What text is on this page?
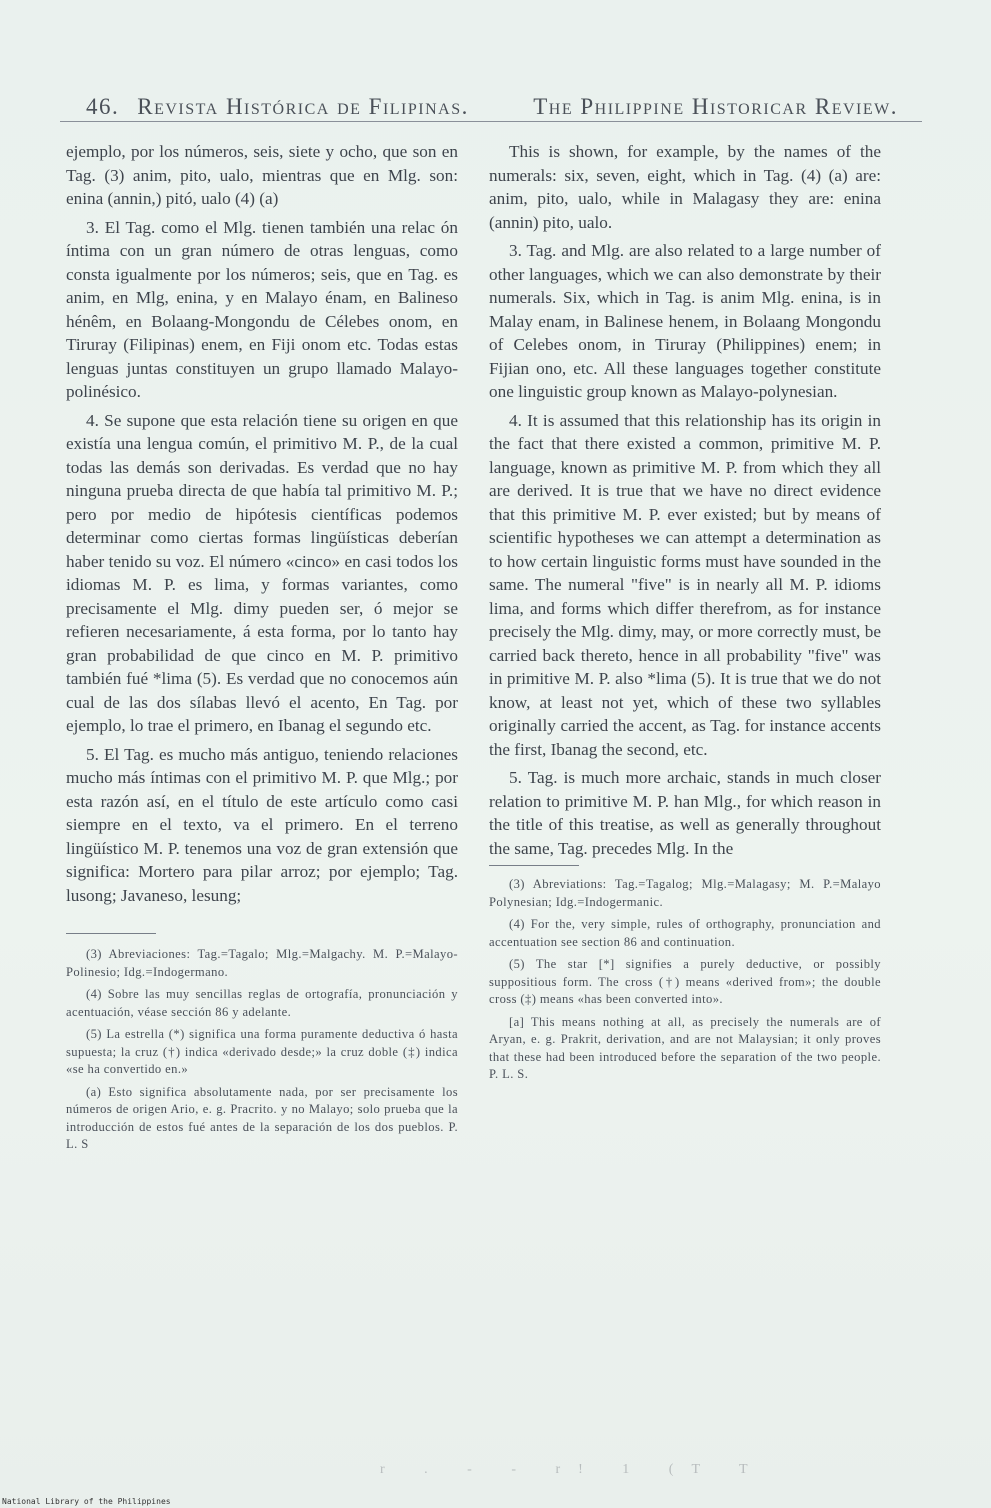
46. Revista Histórica de Filipinas.	The Philippine Historicar Review.

ejemplo, por los números, seis, siete y ocho, que son en Tag. (3) anim, pito, ualo, mientras que en Mlg. son: enina (annin,) pitó, ualo (4) (a)

3. El Tag. como el Mlg. tienen también una relac ón íntima con un gran número de otras lenguas, como consta igualmente por los números; seis, que en Tag. es anim, en Mlg, enina, y en Malayo énam, en Balineso hénêm, en Bolaang-Mongondu de Célebes onom, en Tiruray (Filipinas) enem, en Fiji onom etc. Todas estas lenguas juntas constituyen un grupo llamado Malayo-polinésico.

4. Se supone que esta relación tiene su origen en que existía una lengua común, el primitivo M. P., de la cual todas las demás son derivadas. Es verdad que no hay ninguna prueba directa de que había tal primitivo M. P.; pero por medio de hipótesis científicas podemos determinar como ciertas formas lingüísticas deberían haber tenido su voz. El número «cinco» en casi todos los idiomas M. P. es lima, y formas variantes, como precisamente el Mlg. dimy pueden ser, ó mejor se refieren necesariamente, á esta forma, por lo tanto hay gran probabilidad de que cinco en M. P. primitivo también fué *lima (5). Es verdad que no conocemos aún cual de las dos sílabas llevó el acento, En Tag. por ejemplo, lo trae el primero, en Ibanag el segundo etc.

5. El Tag. es mucho más antiguo, teniendo relaciones mucho más íntimas con el primitivo M. P. que Mlg.; por esta razón así, en el título de este artículo como casi siempre en el texto, va el primero. En el terreno lingüístico M. P. tenemos una voz de gran extensión que significa: Mortero para pilar arroz; por ejemplo; Tag. lusong; Javaneso, lesung;

(3) Abreviaciones: Tag.=Tagalo; Mlg.=Malgachy. M. P.=Malayo-Polinesio; Idg.=Indogermano.

(4) Sobre las muy sencillas reglas de ortografía, pronunciación y acentuación, véase sección 86 y adelante.

(5) La estrella (*) significa una forma puramente deductiva ó hasta supuesta; la cruz (†) indica «derivado desde;» la cruz doble (‡) indica «se ha convertido en.»

(a) Esto significa absolutamente nada, por ser precisamente los números de origen Ario, e. g. Pracrito. y no Malayo; solo prueba que la introducción de estos fué antes de la separación de los dos pueblos. P. L. S

This is shown, for example, by the names of the numerals: six, seven, eight, which in Tag. (4) (a) are: anim, pito, ualo, while in Malagasy they are: enina (annin) pito, ualo.

3. Tag. and Mlg. are also related to a large number of other languages, which we can also demonstrate by their numerals. Six, which in Tag. is anim Mlg. enina, is in Malay enam, in Balinese henem, in Bolaang Mongondu of Celebes onom, in Tiruray (Philippines) enem; in Fijian ono, etc. All these languages together constitute one linguistic group known as Malayo-polynesian.

4. It is assumed that this relationship has its origin in the fact that there existed a common, primitive M. P. language, known as primitive M. P. from which they all are derived. It is true that we have no direct evidence that this primitive M. P. ever existed; but by means of scientific hypotheses we can attempt a determination as to how certain linguistic forms must have sounded in the same. The numeral "five" is in nearly all M. P. idioms lima, and forms which differ therefrom, as for instance precisely the Mlg. dimy, may, or more correctly must, be carried back thereto, hence in all probability "five" was in primitive M. P. also *lima (5). It is true that we do not know, at least not yet, which of these two syllables originally carried the accent, as Tag. for instance accents the first, Ibanag the second, etc.

5. Tag. is much more archaic, stands in much closer relation to primitive M. P. han Mlg., for which reason in the title of this treatise, as well as generally throughout the same, Tag. precedes Mlg. In the

(3) Abreviations: Tag.=Tagalog; Mlg.=Malagasy; M. P.=Malayo Polynesian; Idg.=Indogermanic.

(4) For the, very simple, rules of orthography, pronunciation and accentuation see section 86 and continuation.

(5) The star [*] signifies a purely deductive, or possibly suppositious form. The cross (†) means «derived from»; the double cross (‡) means «has been converted into».

[a] This means nothing at all, as precisely the numerals are of Aryan, e. g. Prakrit, derivation, and are not Malaysian; it only proves that these had been introduced before the separation of the two people. P. L. S.

r . - - r! 1 (T T
National Library of the Philippines
